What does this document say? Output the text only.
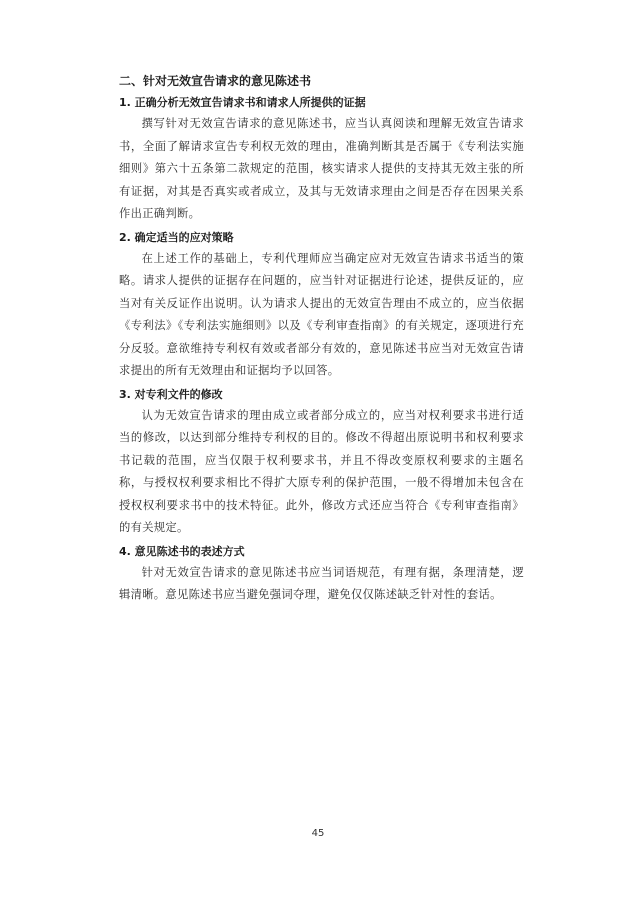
二、针对无效宣告请求的意见陈述书
1. 正确分析无效宣告请求书和请求人所提供的证据

撰写针对无效宣告请求的意见陈述书，应当认真阅读和理解无效宣告请求书，全面了解请求宣告专利权无效的理由，准确判断其是否属于《专利法实施细则》第六十五条第二款规定的范围，核实请求人提供的支持其无效主张的所有证据，对其是否真实或者成立，及其与无效请求理由之间是否存在因果关系作出正确判断。

2. 确定适当的应对策略

在上述工作的基础上，专利代理师应当确定应对无效宣告请求书适当的策略。请求人提供的证据存在问题的，应当针对证据进行论述，提供反证的，应当对有关反证作出说明。认为请求人提出的无效宣告理由不成立的，应当依据《专利法》《专利法实施细则》以及《专利审查指南》的有关规定，逐项进行充分反驳。意欲维持专利权有效或者部分有效的，意见陈述书应当对无效宣告请求提出的所有无效理由和证据均予以回答。

3. 对专利文件的修改

认为无效宣告请求的理由成立或者部分成立的，应当对权利要求书进行适当的修改，以达到部分维持专利权的目的。修改不得超出原说明书和权利要求书记载的范围，应当仅限于权利要求书，并且不得改变原权利要求的主题名称，与授权权利要求相比不得扩大原专利的保护范围，一般不得增加未包含在授权权利要求书中的技术特征。此外，修改方式还应当符合《专利审查指南》的有关规定。

4. 意见陈述书的表述方式

针对无效宣告请求的意见陈述书应当词语规范，有理有据，条理清楚，逻辑清晰。意见陈述书应当避免强词夺理，避免仅仅陈述缺乏针对性的套话。

45
